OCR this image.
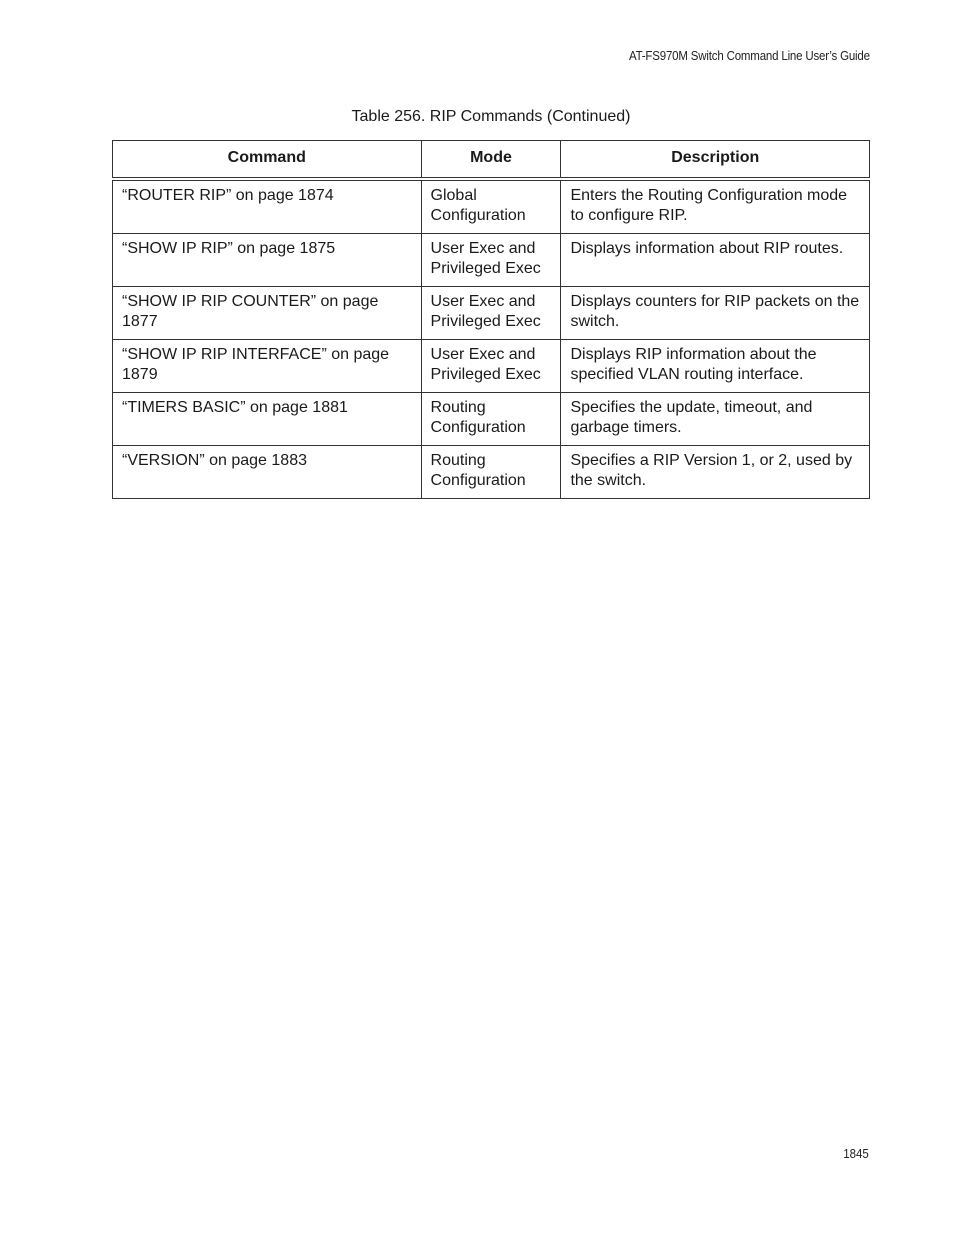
AT-FS970M Switch Command Line User’s Guide
Table 256. RIP Commands (Continued)
Command	Mode	Description
“ROUTER RIP” on page 1874	Global Configuration	Enters the Routing Configuration mode to configure RIP.
“SHOW IP RIP” on page 1875	User Exec and Privileged Exec	Displays information about RIP routes.
“SHOW IP RIP COUNTER” on page 1877	User Exec and Privileged Exec	Displays counters for RIP packets on the switch.
“SHOW IP RIP INTERFACE” on page 1879	User Exec and Privileged Exec	Displays RIP information about the specified VLAN routing interface.
“TIMERS BASIC” on page 1881	Routing Configuration	Specifies the update, timeout, and garbage timers.
“VERSION” on page 1883	Routing Configuration	Specifies a RIP Version 1, or 2, used by the switch.
1845
